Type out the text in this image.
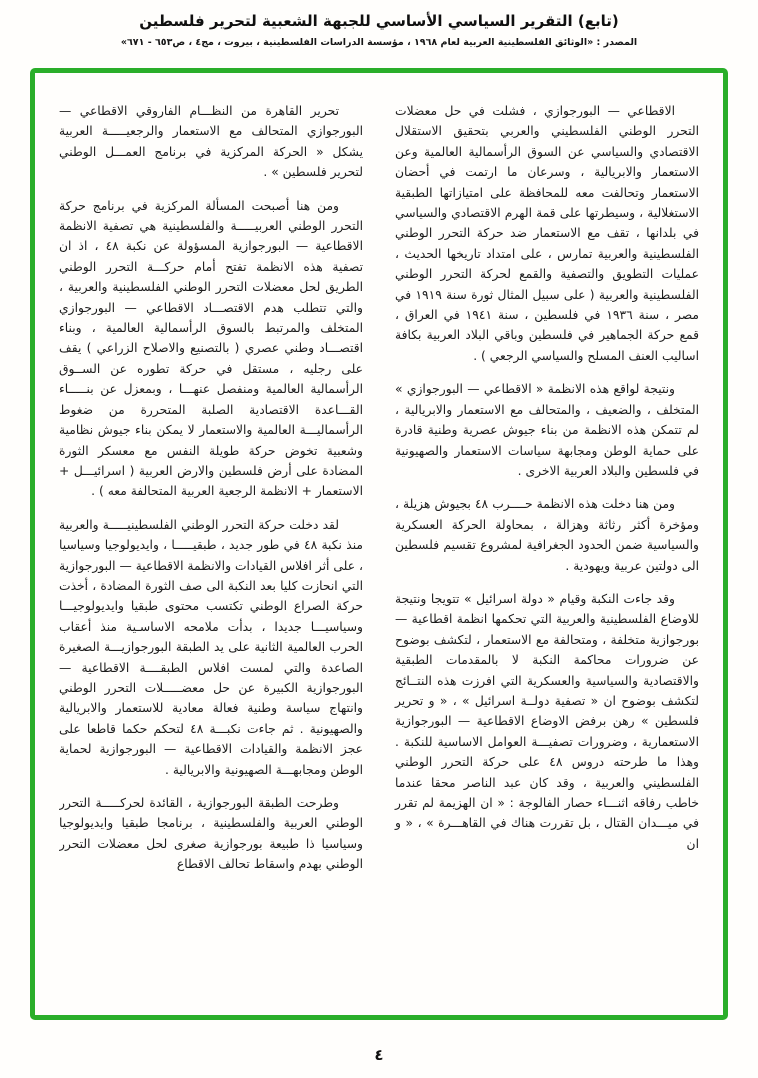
(تابع) التقرير السياسي الأساسي للجبهة الشعبية لتحرير فلسطين
المصدر : «الوثائق الفلسطينية العربية لعام ١٩٦٨ ، مؤسسة الدراسات الفلسطينية ، بيروت ، مج٤ ، ص٦٥٣ - ٦٧١»

الاقطاعي — البورجوازي ، فشلت في حل معضلات التحرر الوطني الفلسطيني والعربي بتحقيق الاستقلال الاقتصادي والسياسي عن السوق الرأسمالية العالمية وعن الاستعمار والابريالية ، وسرعان ما ارتمت في أحضان الاستعمار وتحالفت معه للمحافظة على امتيازاتها الطبقية الاستغلالية ، وسيطرتها على قمة الهرم الاقتصادي والسياسي في بلدانها ، تقف مع الاستعمار ضد حركة التحرر الوطني الفلسطينية والعربية تمارس ، على امتداد تاريخها الحديث ، عمليات التطويق والتصفية والقمع لحركة التحرر الوطني الفلسطينية والعربية ( على سبيل المثال ثورة سنة ١٩١٩ في مصر ، سنة ١٩٣٦ في فلسطين ، سنة ١٩٤١ في العراق ، قمع حركة الجماهير في فلسطين وباقي البلاد العربية بكافة اساليب العنف المسلح والسياسي الرجعي ) .

ونتيجة لواقع هذه الانظمة « الاقطاعي — البورجوازي » المتخلف ، والضعيف ، والمتحالف مع الاستعمار والابريالية ، لم تتمكن هذه الانظمة من بناء جيوش عصرية وطنية قادرة على حماية الوطن ومجابهة سياسات الاستعمار والصهيونية في فلسطين والبلاد العربية الاخرى .

ومن هنا دخلت هذه الانظمة حــــرب ٤٨ بجيوش هزيلة ، ومؤخرة أكثر رثاثة وهزالة ، بمحاولة الحركة العسكرية والسياسية ضمن الحدود الجغرافية لمشروع تقسيم فلسطين الى دولتين عربية ويهودية .

وقد جاءت النكبة وقيام « دولة اسرائيل » تتويجا ونتيجة للاوضاع الفلسطينية والعربية التي تحكمها انظمة اقطاعية — بورجوازية متخلفة ، ومتحالفة مع الاستعمار ، لتكشف بوضوح عن ضرورات محاكمة النكبة لا بالمقدمات الطبقية والاقتصادية والسياسية والعسكرية التي افرزت هذه النتــائج لتكشف بوضوح ان « تصفية دولــة اسرائيل » ، « و تحرير فلسطين » رهن برفض الاوضاع الاقطاعية — البورجوازية الاستعمارية ، وضرورات تصفيـــة العوامل الاساسية للنكبة . وهذا ما طرحته دروس ٤٨ على حركة التحرر الوطني الفلسطيني والعربية ، وقد كان عبد الناصر محقا عندما خاطب رفاقه اثنـــاء حصار الفالوجة : « ان الهزيمة لم تقرر في ميـــدان القتال ، بل تقررت هناك في القاهـــرة » ، « و ان

تحرير القاهرة من النظـــام الفاروقي الاقطاعي — البورجوازي المتحالف مع الاستعمار والرجعيـــــة العربية يشكل « الحركة المركزية في برنامج العمـــل الوطني لتحرير فلسطين » .

ومن هنا أصبحت المسألة المركزية في برنامج حركة التحرر الوطني العربيـــــة والفلسطينية هي تصفية الانظمة الاقطاعية — البورجوازية المسؤولة عن نكبة ٤٨ ، اذ ان تصفية هذه الانظمة تفتح أمام حركـــة التحرر الوطني الطريق لحل معضلات التحرر الوطني الفلسطينية والعربية ، والتي تتطلب هدم الاقتصـــاد الاقطاعي — البورجوازي المتخلف والمرتبط بالسوق الرأسمالية العالمية ، وبناء اقتصـــاد وطني عصري ( بالتصنيع والاصلاح الزراعي ) يقف على رجليه ، مستقل في حركة تطوره عن الســوق الرأسمالية العالمية ومنفصل عنهـــا ، وبمعزل عن بنـــــاء القـــاعدة الاقتصادية الصلبة المتحررة من ضغوط الرأسماليـــة العالمية والاستعمار لا يمكن بناء جيوش نظامية وشعبية تخوض حركة طويلة النفس مع معسكر الثورة المضادة على أرض فلسطين والارض العربية ( اسرائيـــل + الاستعمار + الانظمة الرجعية العربية المتحالفة معه ) .

لقد دخلت حركة التحرر الوطني الفلسطينيـــــة والعربية منذ نكبة ٤٨ في طور جديد ، طبقيـــــا ، وايديولوجيا وسياسيا ، على أثر افلاس القيادات والانظمة الاقطاعية — البورجوازية التي انحازت كليا بعد النكبة الى صف الثورة المضادة ، أخذت حركة الصراع الوطني تكتسب محتوى طبقيا وايديولوجيـــا وسياسيـــا جديدا ، بدأت ملامحه الاساسـية منذ أعقاب الحرب العالمية الثانية على يد الطبقة البورجوازيـــة الصغيرة الصاعدة والتي لمست افلاس الطبقــــة الاقطاعية — البورجوازية الكبيرة عن حل معضـــــلات التحرر الوطني وانتهاج سياسة وطنية فعالة معادية للاستعمار والابريالية والصهيونية . ثم جاءت نكبـــة ٤٨ لتحكم حكما قاطعا على عجز الانظمة والقيادات الاقطاعية — البورجوازية لحماية الوطن ومجابهـــة الصهيونية والابريالية .

وطرحت الطبقة البورجوازية ، القائدة لحركـــــة التحرر الوطني العربية والفلسطينية ، برنامجا طبقيا وايديولوجيا وسياسيا ذا طبيعة بورجوازية صغرى لحل معضلات التحرر الوطني بهدم واسقاط تحالف الاقطاع

٤
